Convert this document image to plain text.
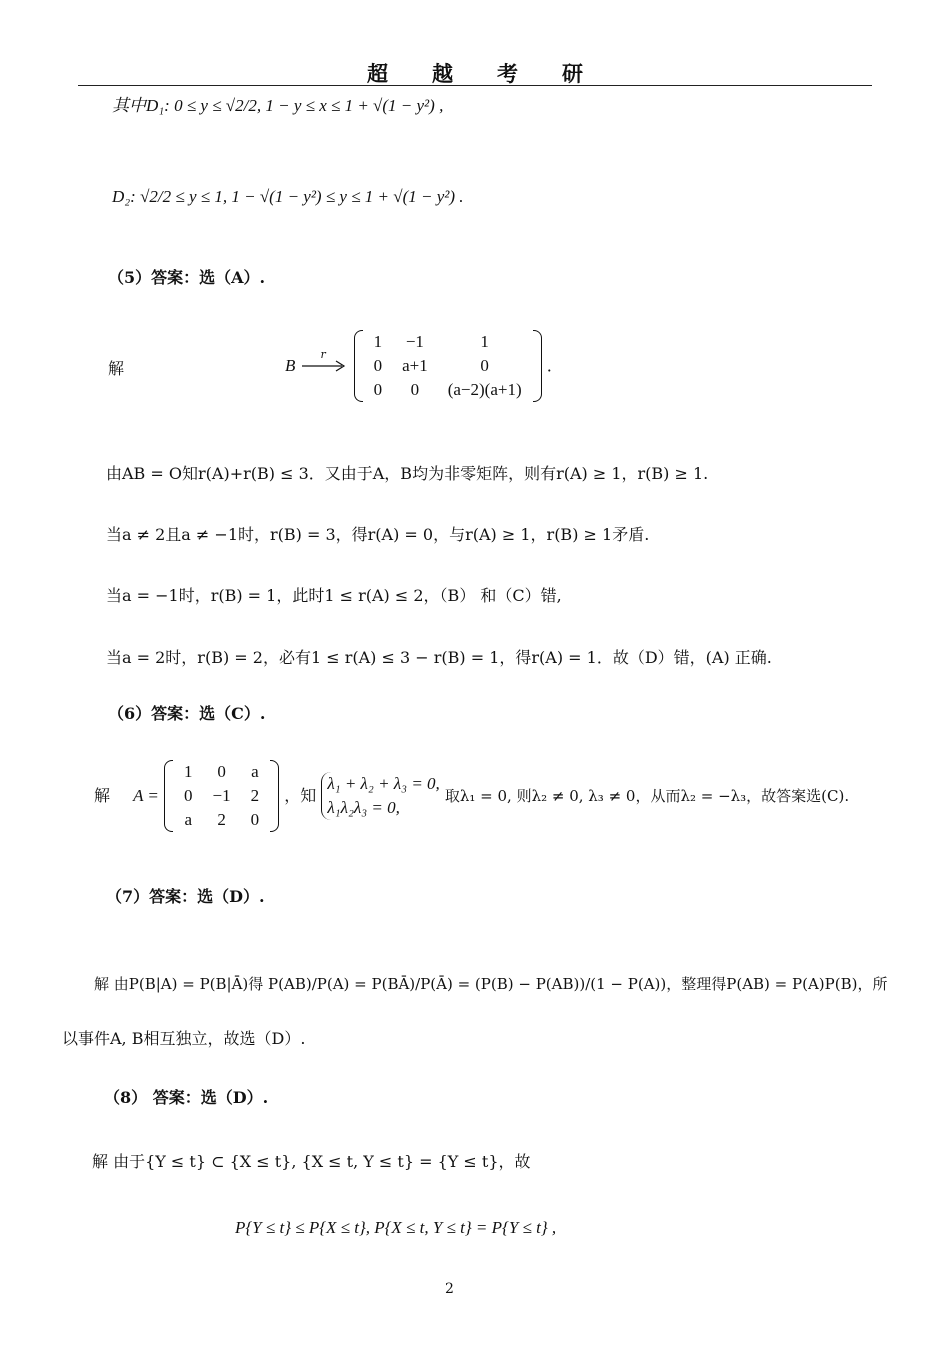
超 越 考 研
其中D₁: 0 ≤ y ≤ √2/2, 1 − y ≤ x ≤ 1 + √(1 − y²) ,
D₂: √2/2 ≤ y ≤ 1, 1 − √(1 − y²) ≤ y ≤ 1 + √(1 − y²) .
（5）答案：选（A）.
解	B
r

1	−1	1
0	a+1	0
0	0	(a−2)(a+1)
.
由AB = O知r(A)+r(B) ≤ 3．又由于A，B均为非零矩阵，则有r(A) ≥ 1，r(B) ≥ 1.
当a ≠ 2且a ≠ −1时，r(B) = 3，得r(A) = 0，与r(A) ≥ 1，r(B) ≥ 1矛盾.
当a = −1时，r(B) = 1，此时1 ≤ r(A) ≤ 2，（B） 和（C）错,
当a = 2时，r(B) = 2，必有1 ≤ r(A) ≤ 3 − r(B) = 1，得r(A) = 1．故（D）错，(A) 正确.
（6）答案：选（C）.
解 A =
1	0	a
0	−1	2
a	2	0
，知
λ₁ + λ₂ + λ₃ = 0,
λ₁λ₂λ₃ = 0,
取λ₁ = 0, 则λ₂ ≠ 0, λ₃ ≠ 0，从而λ₂ = −λ₃，故答案选(C).
（7）答案：选（D）.
解 由P(B|A) = P(B|Ā)得 P(AB)/P(A) = P(BĀ)/P(Ā) = (P(B) − P(AB))/(1 − P(A))，整理得P(AB) = P(A)P(B)，所
以事件A, B相互独立，故选（D）.
（8） 答案：选（D）.
解 由于{Y ≤ t} ⊂ {X ≤ t}, {X ≤ t, Y ≤ t} = {Y ≤ t}，故
P{Y ≤ t} ≤ P{X ≤ t}, P{X ≤ t, Y ≤ t} = P{Y ≤ t} ,
2
